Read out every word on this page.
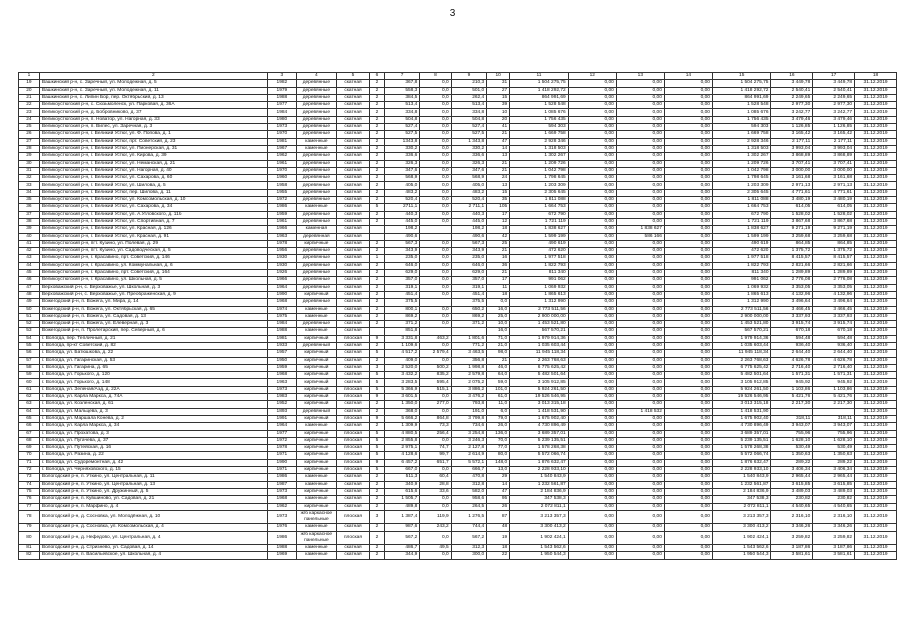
3
1	2	3	4	5	6	7	8	9	10	11	12	13	14	15	16	17	18
19	Вашкинский р-н, с. Заречный, ул. Молодежная, д. 5	1982	деревянные	скатная	2	367,8	0,0	210,3	31	1 504 275,75	0,00	0,00	0,00	1 504 275,75	3 449,78	3 449,78	31.12.2019
20	Вашкинский р-н, с. Заречный, ул. Молодежная, д. 11	1979	деревянные	скатная	2	558,3	0,0	501,0	27	1 418 292,72	0,00	0,00	0,00	1 418 292,72	2 540,41	2 540,41	31.12.2019
21	Вашкинский р-н, с. Липин Бор, пер. Октябрьский, д. 13	1988	деревянные	скатная	2	384,5	0,0	262,4	15	864 991,69	0,00	0,00	0,00	864 991,69	2 249,65	2 249,65	31.12.2019
22	Великоустюгский р-н, с. Сюзьмоленск, ул. Парковая, д. 36А	1977	деревянные	скатная	2	513,4	0,0	513,4	39	1 528 548	0,00	0,00	0,00	1 528 548	2 977,30	2 977,30	31.12.2019
23	Великоустюгский р-н, д. Бобровниково, д. 37	1984	деревянные	скатная	2	334,8	0,0	334,8	10	1 085 676	0,00	0,00	0,00	1 085 676	3 242,77	3 242,77	31.12.2019
24	Великоустюгский р-н, п. Новатор, ул. Нагорная, д. 33	1980	деревянные	скатная	2	504,8	0,0	504,8	20	1 756 435	0,00	0,00	0,00	1 756 435	3 479,46	3 479,46	31.12.2019
25	Великоустюгский р-н, п. Вилес, ул. Заречная, д. 3	1973	деревянные	скатная	2	527,4	0,0	527,4	41	594 303	0,00	0,00	0,00	594 303	1 126,85	1 126,85	31.12.2019
26	Великоустюгский р-н, г. Великий Устюг, ул. Ф. Попова, д. 1	1970	деревянные	скатная	2	527,5	0,0	527,5	21	1 669 758	0,00	0,00	0,00	1 669 758	3 165,42	3 165,42	31.12.2019
27	Великоустюгский р-н, г. Великий Устюг, прт. Советский, д. 23	1981	каменные	скатная	2	1343,8	0,0	1 343,8	47	2 928 346	0,00	0,00	0,00	2 928 346	2 177,11	2 177,11	31.12.2019
28	Великоустюгский р-н, г. Великий Устюг, ул. Пионерская, д. 31	1967	каменные	скатная	2	330,2	0,0	330,2	14	1 318 503	0,00	0,00	0,00	1 318 503	3 993,04	3 993,04	31.12.2019
29	Великоустюгский р-н, г. Великий Устюг, ул. Кирова, д. 39	1962	деревянные	скатная	2	336,6	0,0	336,6	13	1 302 267	0,00	0,00	0,00	1 302 267	3 868,89	3 868,89	31.12.2019
30	Великоустюгский р-н, г. Великий Устюг, ул. Неманская, д. 21	1961	деревянные	скатная	2	326,3	0,0	326,3	21	1 209 726	0,00	0,00	0,00	1 209 726	3 707,41	3 707,41	31.12.2019
31	Великоустюгский р-н, г. Великий Устюг, ул. Нагорная, д. 40	1970	деревянные	скатная	2	347,6	0,0	347,6	21	1 042 798	0,00	0,00	0,00	1 042 798	3 000,00	3 000,00	31.12.2019
32	Великоустюгский р-н, г. Великий Устюг, ул. Сахарова, д. 60	1960	деревянные	скатная	2	568,9	0,0	568,9	24	1 798 645	0,00	0,00	0,00	1 798 645	3 161,68	3 161,68	31.12.2019
33	Великоустюгский р-н, г. Великий Устюг, ул. Шилова, д. 5	1958	деревянные	скатная	2	405,0	0,0	405,0	13	1 203 309	0,00	0,00	0,00	1 203 309	2 971,13	2 971,13	31.12.2019
34	Великоустюгский р-н, г. Великий Устюг, пер. Шилова, д. 11	1955	деревянные	скатная	2	483,2	0,0	483,2	15	2 305 645	0,00	0,00	0,00	2 305 645	4 771,61	4 771,61	31.12.2019
35	Великоустюгский р-н, г. Великий Устюг, ул. Комсомольская, д. 10	1972	деревянные	скатная	2	520,4	0,0	520,4	35	1 811 088	0,00	0,00	0,00	1 811 088	3 480,19	3 480,19	31.12.2019
36	Великоустюгский р-н, г. Великий Устюг, ул. Сахарова, д. 34	1986	каменные	скатная	5	2711,1	0,0	2 711,1	105	1 664 753	0,00	0,00	0,00	1 664 753	614,05	614,05	31.12.2019
37	Великоустюгский р-н, г. Великий Устюг, ул. А.Угловского, д. 11б	1959	деревянные	скатная	2	440,3	0,0	440,3	17	672 790	0,00	0,00	0,00	672 790	1 528,02	1 528,02	31.12.2019
38	Великоустюгский р-н, г. Великий Устюг, ул. Спортивная, д. 7	1961	деревянные	скатная	2	445,0	0,0	445,0	12	1 721 119	0,00	0,00	0,00	1 721 119	3 867,68	3 867,68	31.12.2019
39	Великоустюгский р-н, г. Великий Устюг, ул. Красная, д. 126	1966	каменная	скатная		198,2		198,2	18	1 838 627	0,00	1 838 627	0,00	1 838 627	9 271,19	9 271,19	31.12.2019
40	Великоустюгский р-н, г. Великий Устюг, ул. Красная, д. 91	1963	деревянная	скатная		490,6		490,6	42	1 599 199	0,00	586 166	0,00	1 599 199	3 259,68	3 259,68	31.12.2019
41	Великоустюгский р-н, пгт. Кузино, ул. Полевая, д. 29	1978	кирпичные	скатная	2	567,3	0,0	567,3	25	490 619	0,00	0,00	0,00	490 619	864,85	864,85	31.12.2019
42	Великоустюгский р-н, пгт. Кузино, ул. Садоводческая, д. 5	1956	деревянные	скатная	2	343,9	0,0	343,9	21	472 620	0,00	0,00	0,00	472 620	1 375,72	1 375,72	31.12.2019
43	Великоустюгский р-н, г. Красавино, прт. Советский, д. 146	1930	деревянные	скатная	1	235,0	0,0	235,0	16	1 977 518	0,00	0,00	0,00	1 977 518	8 415,57	8 415,57	31.12.2019
44	Великоустюгский р-н, г. Красавино, ул. Коммунальная, д. 6	1930	деревянные	скатная	2	646,0	0,0	646,0	36	1 822 793	0,00	0,00	0,00	1 822 793	2 821,66	2 821,66	31.12.2019
45	Великоустюгский р-н, г. Красавино, прт. Советский, д. 164	1926	деревянные	скатная	2	629,0	0,0	629,0	21	811 340	0,00	0,00	0,00	811 340	1 289,89	1 289,89	31.12.2019
46	Великоустюгский р-н, г. Красавино, ул. Школьная, д. 5	1966	деревянные	скатная	2	357,0	0,0	357,0	17	991 062	0,00	0,00	0,00	991 062	2 776,08	2 776,08	31.12.2019
47	Верховажский р-н, с. Верховажье, ул. Школьная, д. 3	1964	деревянные	скатная	2	319,1	0,0	319,1	11	1 069 932	0,00	0,00	0,00	1 069 932	3 353,05	3 353,05	31.12.2019
48	Верховажский р-н, с. Верховажье, ул. Преображенская, д. 9	1990	кирпичный	скатная	2	451,4	0,0	451,4	18	1 865 613	0,00	0,00	0,00	1 865 613	4 132,96	4 132,96	31.12.2019
49	Вожегодский р-н, п. Вожега, ул. Мира, д. 14	1968	деревянные	скатная	2	375,5		375,5	0,0	1 312 990	0,00	0,00	0,00	1 312 990	3 496,64	3 496,64	31.12.2019
50	Вожегодский р-н, п. Вожега, ул. Октябрьская, д. 65	1974	каменные	скатная	2	800,1	0,0	650,2	16,0	2 773 511,56	0,00	0,00	0,00	2 773 511,56	3 466,45	3 466,45	31.12.2019
51	Вожегодский р-н, п. Вожега, ул. Садовая, д. 13	1975	каменные	скатная	2	869,2	0,0	869,2	25,0	2 900 000,00	0,00	0,00	0,00	2 900 000,00	3 337,93	3 337,93	31.12.2019
52	Вожегодский р-н, п. Вожега, ул. Елеверная, д. 3	1984	деревянные	скатная	2	371,2	0,0	371,2	10,0	1 453 521,80	0,00	0,00	0,00	1 453 521,80	3 915,74	3 915,74	31.12.2019
53	Вожегодский р-н, п. Пролетарский, пер. Северный, д. 6	1988	каменные	скатная		851,8			16,0	567 570,21	0,00	0,00	0,00	567 570,21	670,18	670,18	31.12.2019
54	г. Вологда, пер. Тепличный, д. 21	1981	кирпичный	плоская	9	3 331,8	463,2	1 801,6	71,0	1 979 914,36	0,00	0,00	0,00	1 979 914,36	594,48	594,48	31.12.2019
55	г. Вологда, пр-кт Советский, д. 82	1933	деревянный	скатная	2	1 109,6	0,0	771,2	21,0	1 035 603,44	0,00	0,00	0,00	1 035 603,44	936,40	936,40	31.12.2019
56	г. Вологда, ул. Батюшкова, д. 22	1957	кирпичный	скатная	5	4 517,2	2 579,4	3 463,5	98,0	11 945 118,34	0,00	0,00	0,00	11 945 118,34	2 644,40	2 644,40	31.12.2019
57	г. Вологда, ул. Гагаринская, д. 53	1950	кирпичный	скатная	2	409,0	0,0	356,8	21	2 263 768,63	0,00	0,00	0,00	2 263 768,63	4 626,78	4 626,78	31.12.2019
58	г. Вологда, ул. Гагарина, д. 65	1959	кирпичный	скатная	3	2 520,0	500,2	1 998,8	46,0	6 775 625,42	0,00	0,00	0,00	6 775 625,42	2 716,40	2 716,40	31.12.2019
59	г. Вологда, ул. Горького, д. 120	1968	кирпичный	скатная	5	3 432,2	835,2	2 579,8	64,0	5 482 501,64	0,00	0,00	0,00	5 482 501,64	1 571,31	1 571,31	31.12.2019
60	г. Вологда, ул. Горького, д. 148	1963	кирпичный	скатная	5	3 283,5	595,4	2 075,2	59,0	3 105 912,85	0,00	0,00	0,00	3 105 912,85	945,92	945,92	31.12.2019
61	г. Вологда, ул. Зеленая/Аэд, д. 22А	1973	кирпичный	плоская	5	5 366,9	515,1	3 886,2	101,0	5 924 261,50	0,00	0,00	0,00	5 924 261,50	1 103,86	1 103,86	31.12.2019
62	г. Вологда, ул. Карла Маркса, д. 74А	1983	кирпичный	плоская	9	3 601,5	0,0	3 476,2	61,0	19 526 546,95	0,00	0,00	0,00	19 526 546,95	5 421,76	5 421,76	31.12.2019
63	г. Вологда, ул. Козленская, д. 61	1952	кирпичный	скатная	2	1 350,0	277,0	793,8	11,0	3 013 315,18	0,00	0,00	0,00	3 013 315,18	2 217,30	2 217,30	31.12.2019
64	г. Вологда, ул. Мальцева, д. 3	1893	деревянный	скатная	2	368,0	0,0	191,0	6,0	1 418 531,90	0,00	1 418 532	0,00	1 418 531,90			31.12.2019
65	г. Вологда, ул. Маршала Конева, д. 2	1991	кирпичный	плоская	9	5 666,2	864,8	3 799,8	79,0	1 675 902,40	0,00	0,00	0,00	1 675 902,40	318,11	318,11	31.12.2019
66	г. Вологда, ул. Карла Маркса, д. 34	1964	каменные	скатная	2	1 309,9	73,3	734,6	26,0	4 730 896,49	0,00	0,00	0,00	4 730 896,49	3 943,07	3 943,07	31.12.2019
67	г. Вологда, ул. Прохатова, д. 3	1977	кирпичные	плоская	5	4 880,5	256,4	3 254,8	136,0	3 689 357,01	0,00	0,00	0,00	3 689 357,01	755,96	755,96	31.12.2019
68	г. Вологда, ул. Пугачева, д. 37	1972	кирпичные	плоская	5	2 855,8	0,0	3 246,3	70,0	5 239 135,51	0,00	0,00	0,00	5 239 135,51	1 628,10	1 628,10	31.12.2019
69	г. Вологда, ул. Путейская, д. 16	1978	кирпичные	плоская	5	2 975,1	74,7	2 127,8	77,0	1 578 268,38	0,00	0,00	0,00	1 578 268,38	530,49	530,49	31.12.2019
70	г. Вологда, ул. Разина, д. 22	1971	кирпичные	плоская	5	4 128,6	99,7	2 614,9	80,0	5 572 066,74	0,00	0,00	0,00	5 572 066,74	1 350,63	1 350,63	31.12.2019
71	г. Вологда, ул. Судоремонтная, д. 42	1990	кирпичные	плоская	9	6 457,2	651,7	5 572,1	148,0	1 876 632,47	0,00	0,00	0,00	1 876 632,47	289,22	289,22	31.12.2019
72	г. Вологда, ул. Черняховского, д. 15	1971	кирпичные	плоская	5	667,0	0,0	666,7	13,0	2 228 933,10	0,00	0,00	0,00	2 228 933,10	3 406,34	3 406,34	31.12.2019
73	Вологодский р-н, п. Уткино, ул. Центральная, д. 11	1986	каменные	скатная	2	511,3	60,4	470,8	29	1 540 843,9	0,00	0,00	0,00	1 540 843,9	2 965,44	2 965,44	31.12.2019
74	Вологодский р-н, п. Уткино, ул. Центральная, д. 13	1987	каменные	скатная	2	340,9	28,8	312,8	14	1 232 561,87	0,00	0,00	0,00	1 232 561,87	3 615,85	3 615,85	31.12.2019
75	Вологодский р-н, п. Уткино, ул. Дружинный, д. 5	1973	кирпичные	скатная	2	615,6	33,6	582,0	47	2 184 836,9	0,00	0,00	0,00	2 184 836,9	3 489,03	3 489,03	31.12.2019
76	Вологодский р-н, п. Кувшиново, ул. Садовая, д. 21	1968	каменные	скатная	2	1 505,7	0,0	958,6	95	347 538,3	0,00	0,00	0,00	347 538,3	230,82	230,82	31.12.2019
77	Вологодский р-н, п. Марфино, д. 4	1962	кирпичные	скатная	2	489,8	0,0	264,5	26	2 072 811,1	0,00	0,00	0,00	2 072 811,1	4 540,65	4 540,65	31.12.2019
78	Вологодский р-н, д. Сосновка, ул. Молодёжная, д. 10	1973	ж/б каркасное панельные	плоская	3	1 387,4	119,9	1 276,5	87	3 213 357,3	0,00	0,00	0,00	3 213 357,3	2 316,10	2 316,10	31.12.2019
79	Вологодский р-н, д. Сосновка, ул. Комсомольская, д. 4	1976	каменные	скатная	2	987,6	243,2	744,4	48	3 300 413,2	0,00	0,00	0,00	3 300 413,2	3 346,26	3 346,26	31.12.2019
80	Вологодский р-н, д. Нефедово, ул. Центральная, д. 4	1986	ж/б каркасное панельные	плоская	2	567,2	0,0	567,2	19	1 902 424,1	0,00	0,00	0,00	1 902 424,1	3 259,82	3 259,82	31.12.2019
81	Вологодский р-н, д. Стризнево, ул. Садовая, д. 14	1988	каменные	скатная	2	486,7	49,5	312,3	18	1 543 562,6	0,00	0,00	0,00	1 543 562,6	3 187,86	3 187,86	31.12.2019
82	Вологодский р-н, п. Васильевское, ул. Школьная, д. 4	1969	каменные	скатная	2	344,9	0,0	300,0	22	1 950 544,3	0,00	0,00	0,00	1 950 544,3	3 581,61	3 581,61	31.12.2019
